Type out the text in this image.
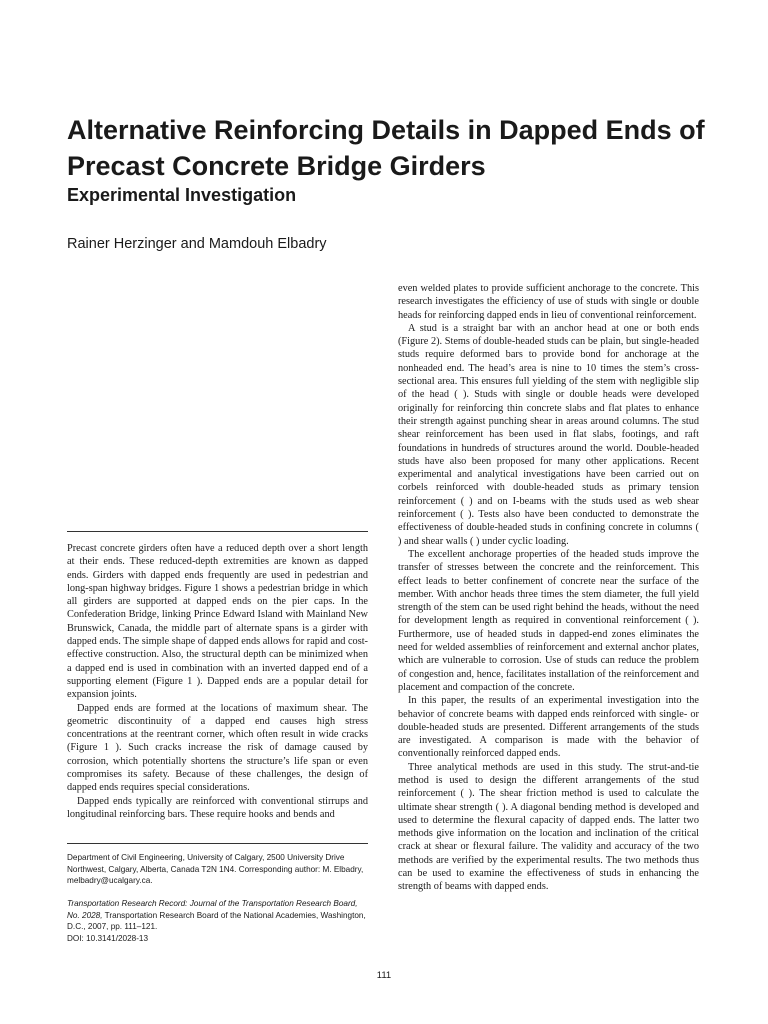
Alternative Reinforcing Details in Dapped Ends of Precast Concrete Bridge Girders
Experimental Investigation
Rainer Herzinger and Mamdouh Elbadry

Precast concrete girders often have a reduced depth over a short length at their ends. These reduced-depth extremities are known as dapped ends. Girders with dapped ends frequently are used in pedestrian and long-span highway bridges. Figure 1 shows a pedestrian bridge in which all girders are supported at dapped ends on the pier caps. In the Confederation Bridge, linking Prince Edward Island with Mainland New Brunswick, Canada, the middle part of alternate spans is a girder with dapped ends. The simple shape of dapped ends allows for rapid and cost-effective construction. Also, the structural depth can be minimized when a dapped end is used in combination with an inverted dapped end of a supporting element (Figure 1 ). Dapped ends are a popular detail for expansion joints.

Dapped ends are formed at the locations of maximum shear. The geometric discontinuity of a dapped end causes high stress concentrations at the reentrant corner, which often result in wide cracks (Figure 1 ). Such cracks increase the risk of damage caused by corrosion, which potentially shortens the structure’s life span or even compromises its safety. Because of these challenges, the design of dapped ends requires special considerations.

Dapped ends typically are reinforced with conventional stirrups and longitudinal reinforcing bars. These require hooks and bends and

Department of Civil Engineering, University of Calgary, 2500 University Drive Northwest, Calgary, Alberta, Canada T2N 1N4. Corresponding author: M. Elbadry, melbadry@ucalgary.ca.
Transportation Research Record: Journal of the Transportation Research Board, No. 2028, Transportation Research Board of the National Academies, Washington, D.C., 2007, pp. 111–121.
DOI: 10.3141/2028-13

even welded plates to provide sufficient anchorage to the concrete. This research investigates the efficiency of use of studs with single or double heads for reinforcing dapped ends in lieu of conventional reinforcement.

A stud is a straight bar with an anchor head at one or both ends (Figure 2). Stems of double-headed studs can be plain, but single-headed studs require deformed bars to provide bond for anchorage at the nonheaded end. The head’s area is nine to 10 times the stem’s cross-sectional area. This ensures full yielding of the stem with negligible slip of the head ( ). Studs with single or double heads were developed originally for reinforcing thin concrete slabs and flat plates to enhance their strength against punching shear in areas around columns. The stud shear reinforcement has been used in flat slabs, footings, and raft foundations in hundreds of structures around the world. Double-headed studs have also been proposed for many other applications. Recent experimental and analytical investigations have been carried out on corbels reinforced with double-headed studs as primary tension reinforcement ( ) and on I-beams with the studs used as web shear reinforcement ( ). Tests also have been conducted to demonstrate the effectiveness of double-headed studs in confining concrete in columns ( ) and shear walls ( ) under cyclic loading.

The excellent anchorage properties of the headed studs improve the transfer of stresses between the concrete and the reinforcement. This effect leads to better confinement of concrete near the surface of the member. With anchor heads three times the stem diameter, the full yield strength of the stem can be used right behind the heads, without the need for development length as required in conventional reinforcement ( ). Furthermore, use of headed studs in dapped-end zones eliminates the need for welded assemblies of reinforcement and external anchor plates, which are vulnerable to corrosion. Use of studs can reduce the problem of congestion and, hence, facilitates installation of the reinforcement and placement and compaction of the concrete.

In this paper, the results of an experimental investigation into the behavior of concrete beams with dapped ends reinforced with single- or double-headed studs are presented. Different arrangements of the studs are investigated. A comparison is made with the behavior of conventionally reinforced dapped ends.

Three analytical methods are used in this study. The strut-and-tie method is used to design the different arrangements of the stud reinforcement ( ). The shear friction method is used to calculate the ultimate shear strength ( ). A diagonal bending method is developed and used to determine the flexural capacity of dapped ends. The latter two methods give information on the location and inclination of the critical crack at shear or flexural failure. The validity and accuracy of the two methods are verified by the experimental results. The two methods thus can be used to examine the effectiveness of studs in enhancing the strength of beams with dapped ends.

111
